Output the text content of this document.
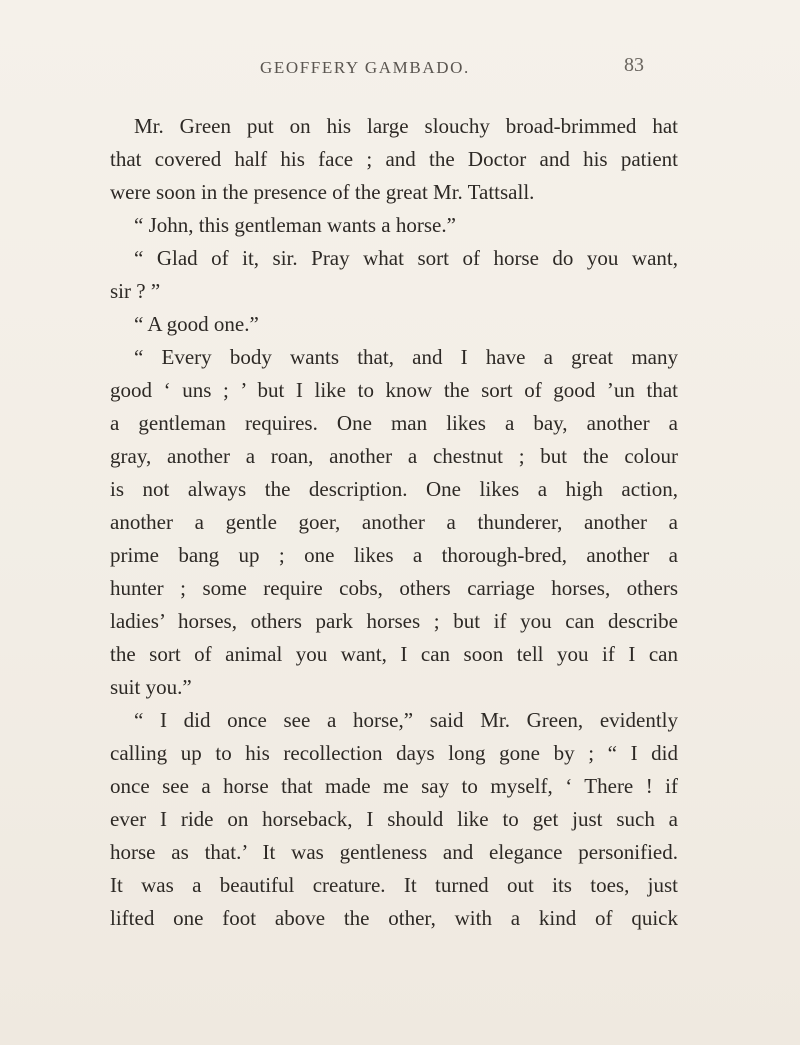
GEOFFERY GAMBADO.	83
Mr. Green put on his large slouchy broad-brimmed hat
that covered half his face ; and the Doctor and his patient
were soon in the presence of the great Mr. Tattsall.
“ John, this gentleman wants a horse.”
“ Glad of it, sir. Pray what sort of horse do you want,
sir ? ”
“ A good one.”
“ Every body wants that, and I have a great many
good ‘ uns ; ’ but I like to know the sort of good ’un that
a gentleman requires. One man likes a bay, another a
gray, another a roan, another a chestnut ; but the colour
is not always the description. One likes a high action,
another a gentle goer, another a thunderer, another a
prime bang up ; one likes a thorough-bred, another a
hunter ; some require cobs, others carriage horses, others
ladies’ horses, others park horses ; but if you can describe
the sort of animal you want, I can soon tell you if I can
suit you.”
“ I did once see a horse,” said Mr. Green, evidently
calling up to his recollection days long gone by ; “ I did
once see a horse that made me say to myself, ‘ There ! if
ever I ride on horseback, I should like to get just such a
horse as that.’ It was gentleness and elegance personified.
It was a beautiful creature. It turned out its toes, just
lifted one foot above the other, with a kind of quick
